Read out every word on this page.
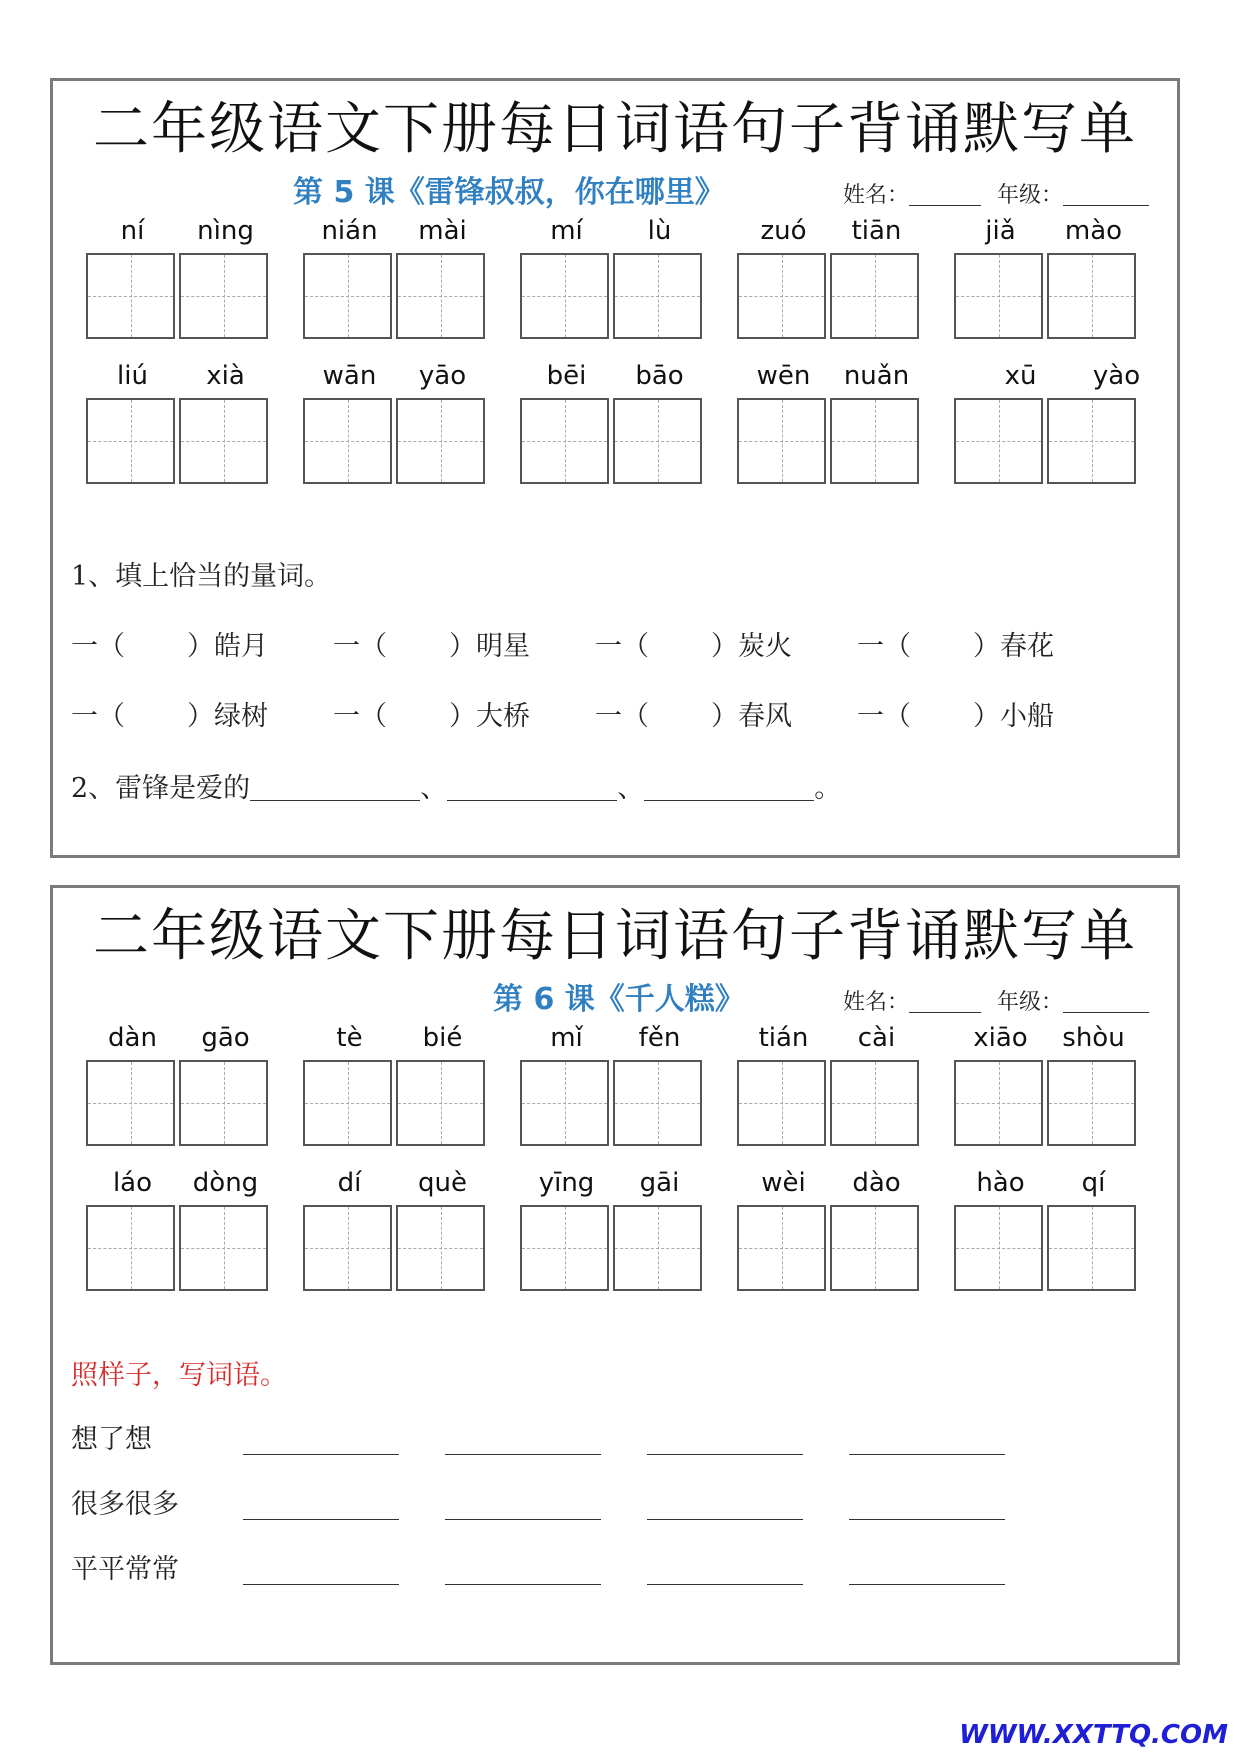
二年级语文下册每日词语句子背诵默写单
第 5 课《雷锋叔叔，你在哪里》	姓名：	年级：
ní	nìng	nián	mài	mí	lù	zuó	tiān	jiǎ	mào
liú	xià	wān	yāo	bēi	bāo	wēn	nuǎn	xū	yào
1、填上恰当的量词。
一（ ）皓月 一（ ）明星 一（ ）炭火 一（ ）春花
一（ ）绿树 一（ ）大桥 一（ ）春风 一（ ）小船
2、雷锋是爱的	、	、	。
二年级语文下册每日词语句子背诵默写单
第 6 课《千人糕》	姓名：	年级：
dàn	gāo	tè	bié	mǐ	fěn	tián	cài	xiāo	shòu
láo	dòng	dí	què	yīng	gāi	wèi	dào	hào	qí
照样子，写词语。
想了想
很多很多
平平常常
WWW.XXTTQ.COM
